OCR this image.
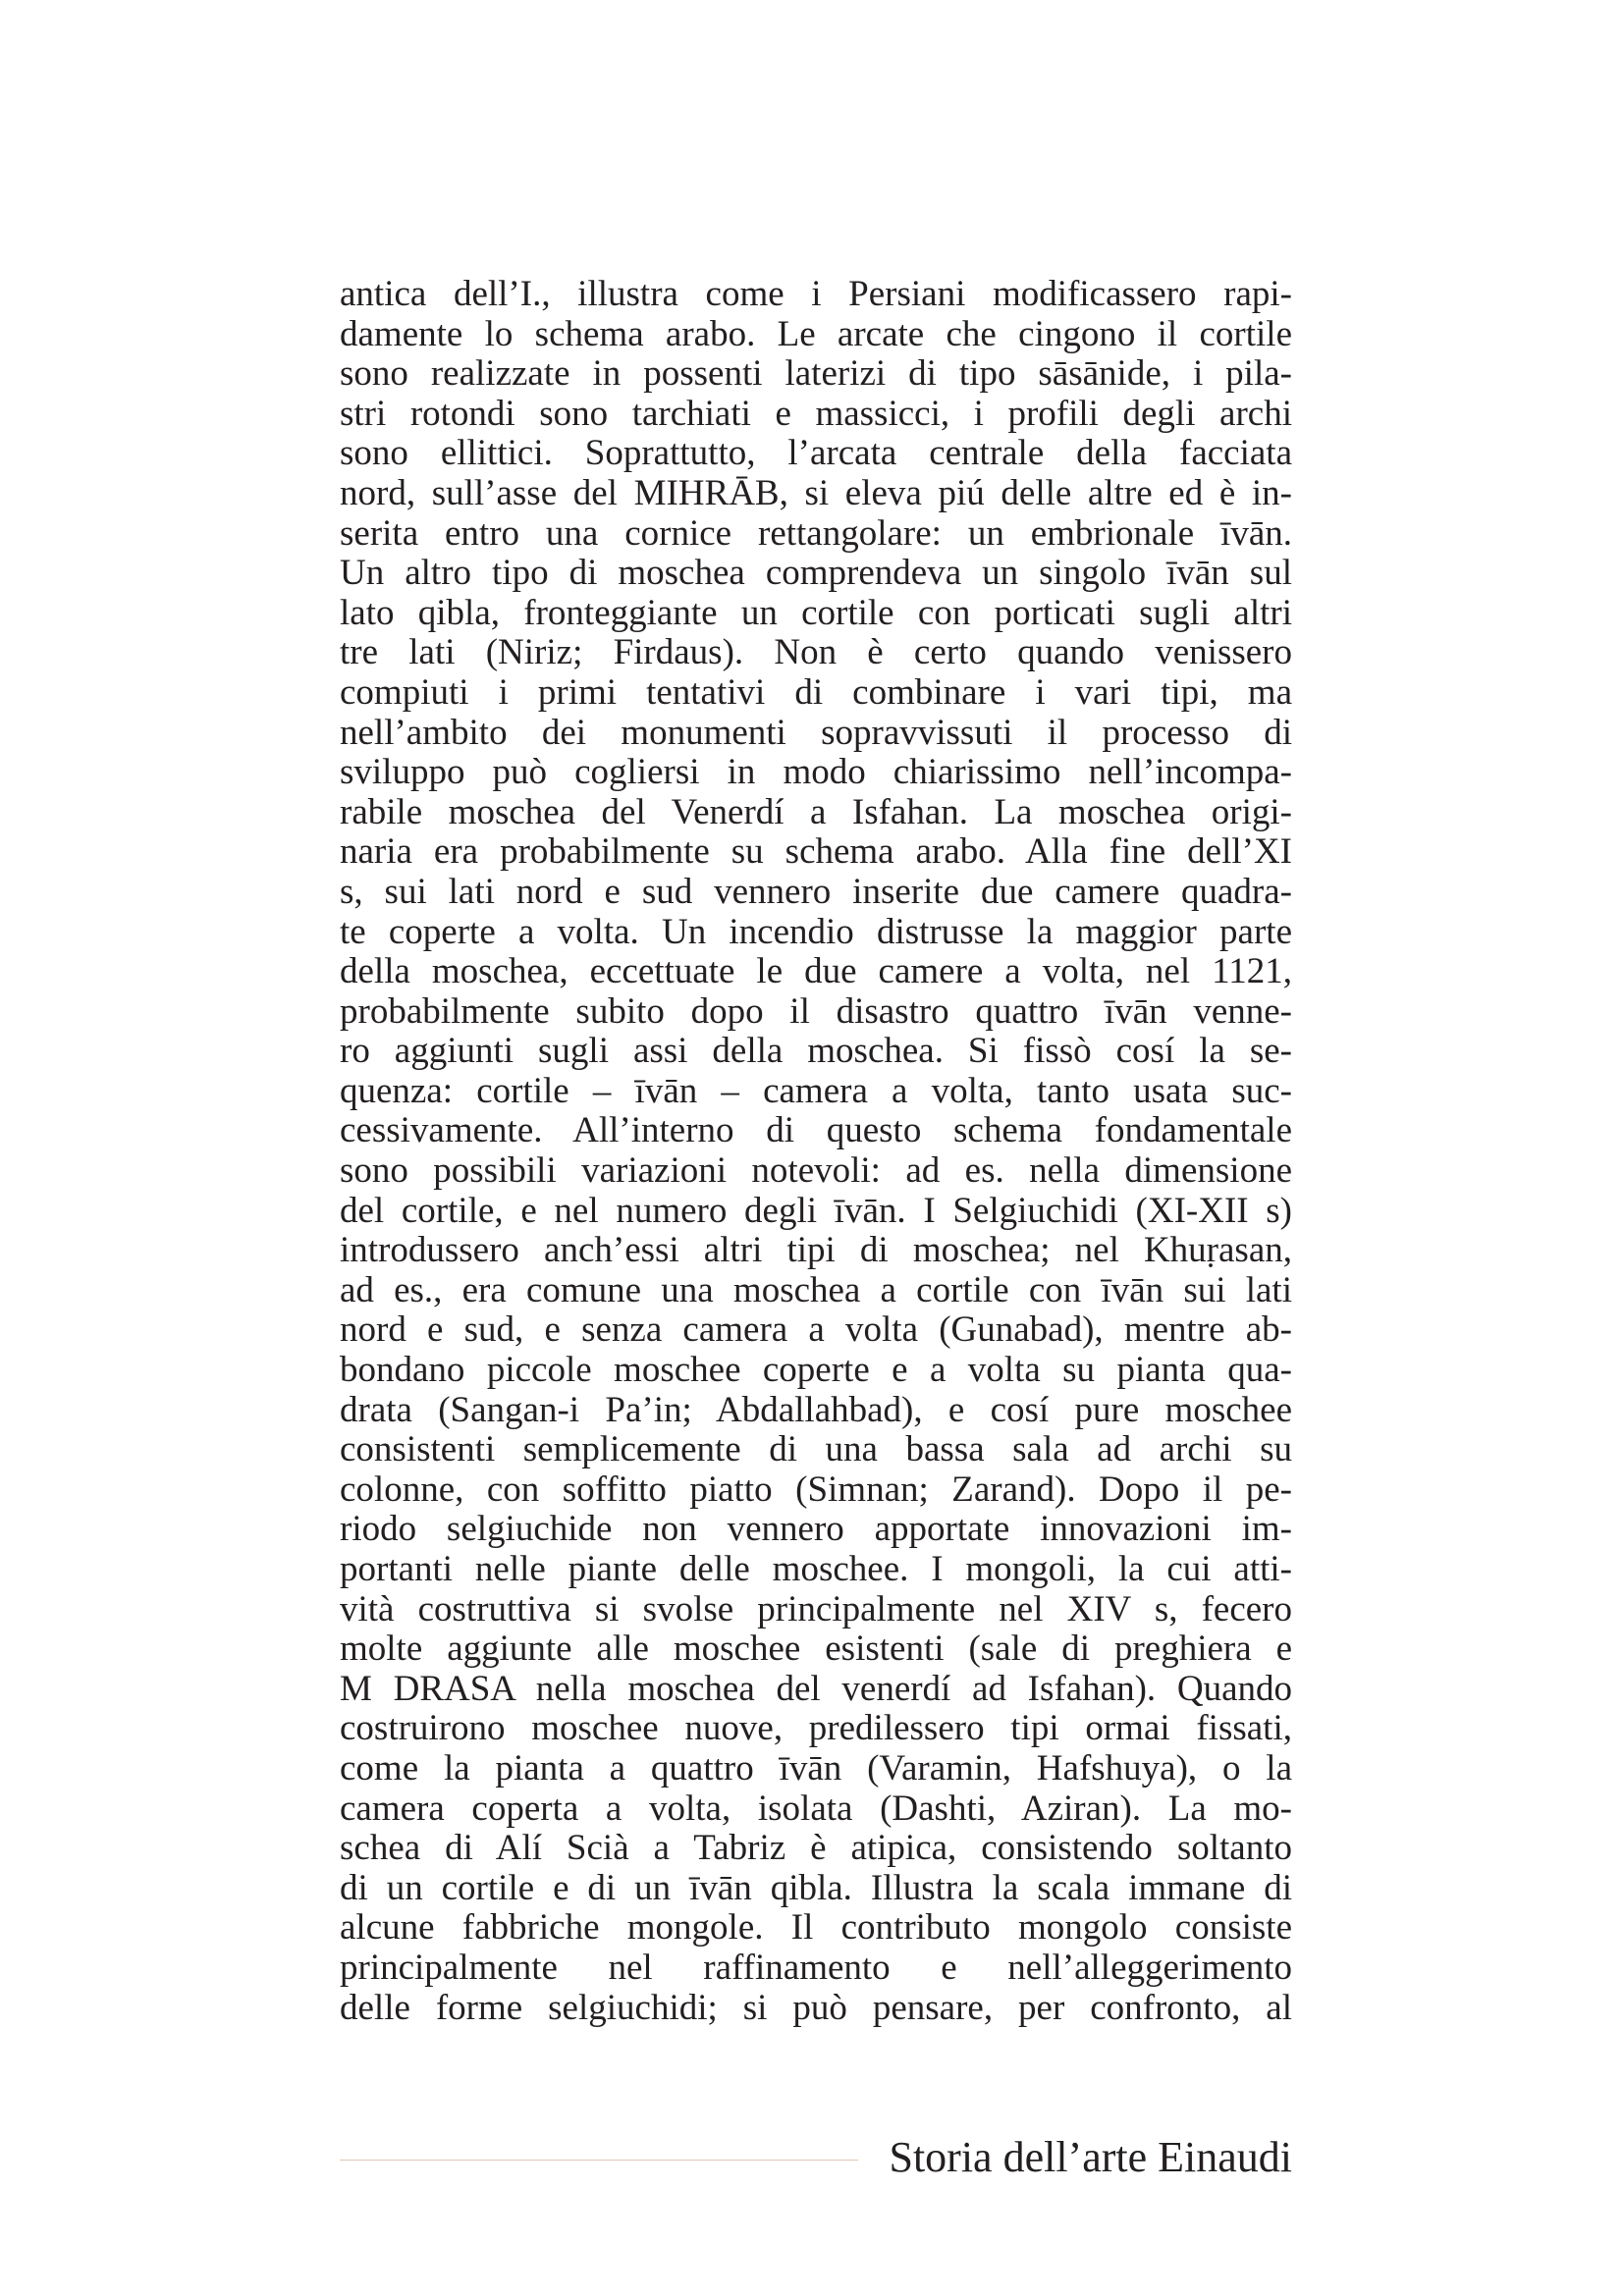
antica dell’I., illustra come i Persiani modificassero rapi-
damente lo schema arabo. Le arcate che cingono il cortile
sono realizzate in possenti laterizi di tipo sāsānide, i pila-
stri rotondi sono tarchiati e massicci, i profili degli archi
sono ellittici. Soprattutto, l’arcata centrale della facciata
nord, sull’asse del MIHRĀB, si eleva piú delle altre ed è in-
serita entro una cornice rettangolare: un embrionale īvān.
Un altro tipo di moschea comprendeva un singolo īvān sul
lato qibla, fronteggiante un cortile con porticati sugli altri
tre lati (Niriz; Firdaus). Non è certo quando venissero
compiuti i primi tentativi di combinare i vari tipi, ma
nell’ambito dei monumenti sopravvissuti il processo di
sviluppo può cogliersi in modo chiarissimo nell’incompa-
rabile moschea del Venerdí a Isfahan. La moschea origi-
naria era probabilmente su schema arabo. Alla fine dell’XI
s, sui lati nord e sud vennero inserite due camere quadra-
te coperte a volta. Un incendio distrusse la maggior parte
della moschea, eccettuate le due camere a volta, nel 1121,
probabilmente subito dopo il disastro quattro īvān venne-
ro aggiunti sugli assi della moschea. Si fissò cosí la se-
quenza: cortile – īvān – camera a volta, tanto usata suc-
cessivamente. All’interno di questo schema fondamentale
sono possibili variazioni notevoli: ad es. nella dimensione
del cortile, e nel numero degli īvān. I Selgiuchidi (XI-XII s)
introdussero anch’essi altri tipi di moschea; nel Khuṛasan,
ad es., era comune una moschea a cortile con īvān sui lati
nord e sud, e senza camera a volta (Gunabad), mentre ab-
bondano piccole moschee coperte e a volta su pianta qua-
drata (Sangan-i Pa’in; Abdallahbad), e cosí pure moschee
consistenti semplicemente di una bassa sala ad archi su
colonne, con soffitto piatto (Simnan; Zarand). Dopo il pe-
riodo selgiuchide non vennero apportate innovazioni im-
portanti nelle piante delle moschee. I mongoli, la cui atti-
vità costruttiva si svolse principalmente nel XIV s, fecero
molte aggiunte alle moschee esistenti (sale di preghiera e
M DRASA nella moschea del venerdí ad Isfahan). Quando
costruirono moschee nuove, predilessero tipi ormai fissati,
come la pianta a quattro īvān (Varamin, Hafshuya), o la
camera coperta a volta, isolata (Dashti, Aziran). La mo-
schea di Alí Scià a Tabriz è atipica, consistendo soltanto
di un cortile e di un īvān qibla. Illustra la scala immane di
alcune fabbriche mongole. Il contributo mongolo consiste
principalmente nel raffinamento e nell’alleggerimento
delle forme selgiuchidi; si può pensare, per confronto, al
Storia dell’arte Einaudi
